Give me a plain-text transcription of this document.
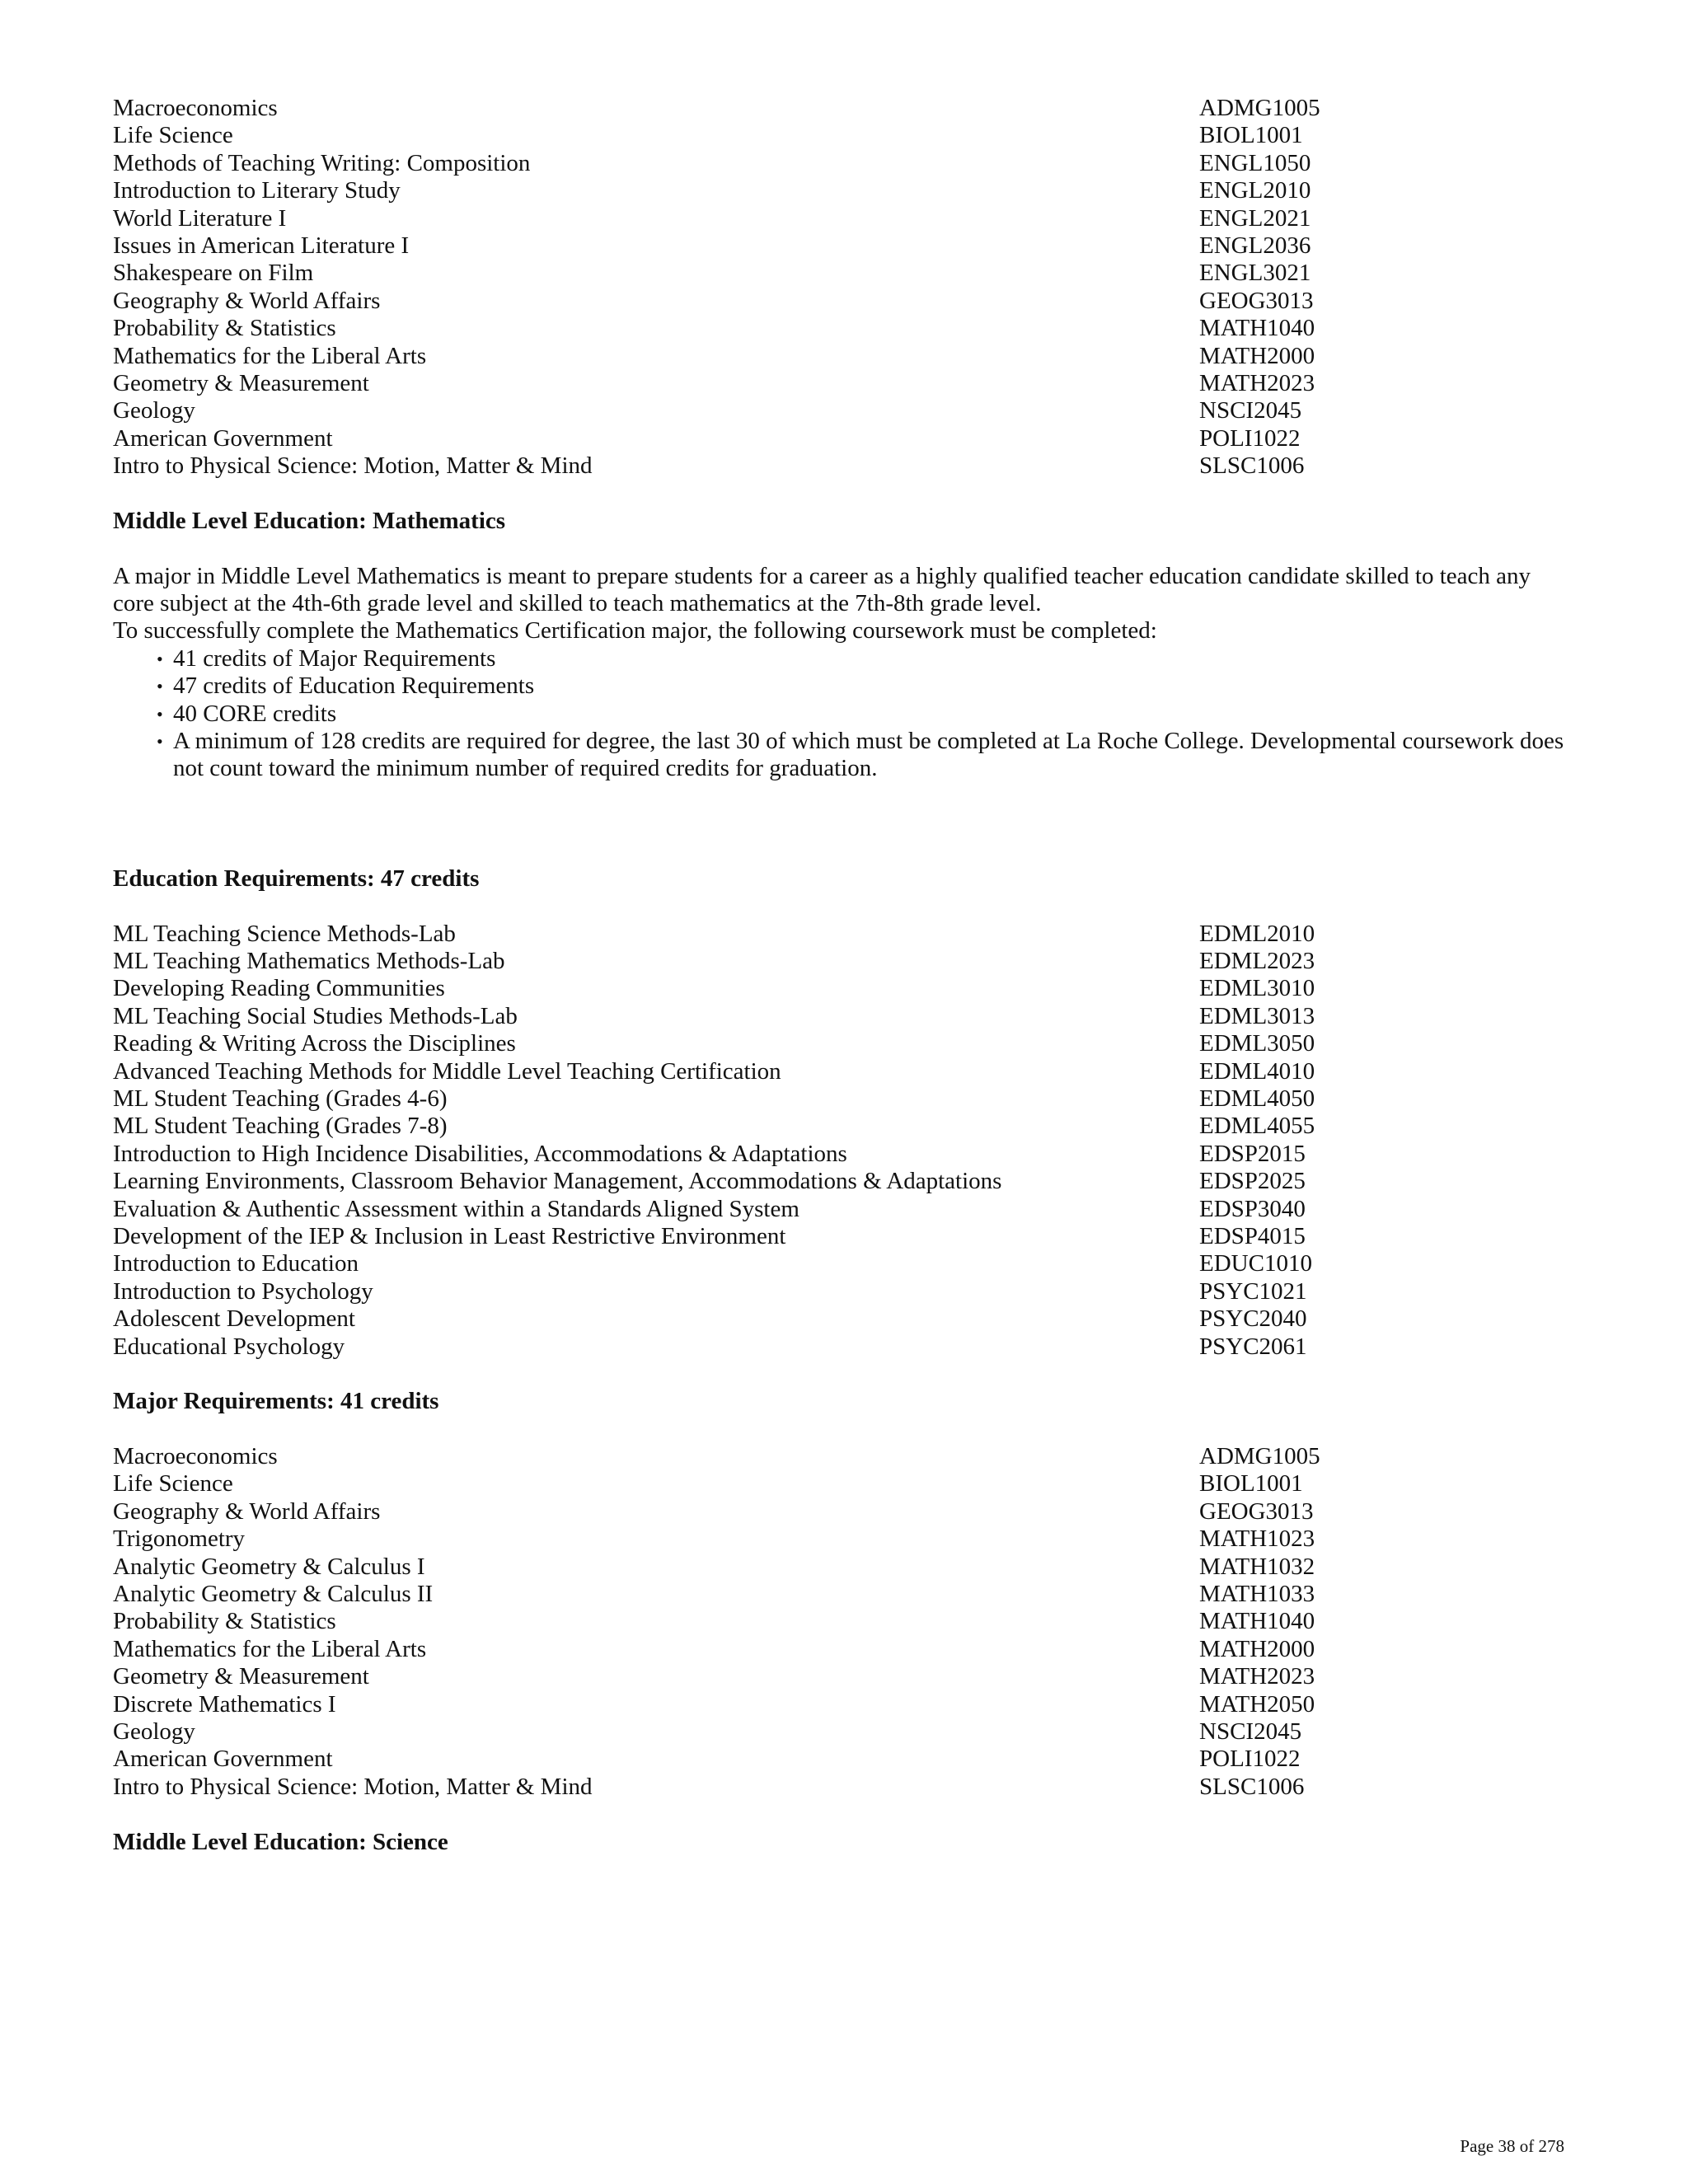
Macroeconomics	ADMG1005
Life Science	BIOL1001
Methods of Teaching Writing: Composition	ENGL1050
Introduction to Literary Study	ENGL2010
World Literature I	ENGL2021
Issues in American Literature I	ENGL2036
Shakespeare on Film	ENGL3021
Geography & World Affairs	GEOG3013
Probability & Statistics	MATH1040
Mathematics for the Liberal Arts	MATH2000
Geometry & Measurement	MATH2023
Geology	NSCI2045
American Government	POLI1022
Intro to Physical Science: Motion, Matter & Mind	SLSC1006
Middle Level Education: Mathematics

A major in Middle Level Mathematics is meant to prepare students for a career as a highly qualified teacher education candidate skilled to teach any core subject at the 4th-6th grade level and skilled to teach mathematics at the 7th-8th grade level.

To successfully complete the Mathematics Certification major, the following coursework must be completed:

• 41 credits of Major Requirements
• 47 credits of Education Requirements
• 40 CORE credits
• A minimum of 128 credits are required for degree, the last 30 of which must be completed at La Roche College. Developmental coursework does not count toward the minimum number of required credits for graduation.
Education Requirements: 47 credits
ML Teaching Science Methods-Lab	EDML2010
ML Teaching Mathematics Methods-Lab	EDML2023
Developing Reading Communities	EDML3010
ML Teaching Social Studies Methods-Lab	EDML3013
Reading & Writing Across the Disciplines	EDML3050
Advanced Teaching Methods for Middle Level Teaching Certification	EDML4010
ML Student Teaching (Grades 4-6)	EDML4050
ML Student Teaching (Grades 7-8)	EDML4055
Introduction to High Incidence Disabilities, Accommodations & Adaptations	EDSP2015
Learning Environments, Classroom Behavior Management, Accommodations & Adaptations	EDSP2025
Evaluation & Authentic Assessment within a Standards Aligned System	EDSP3040
Development of the IEP & Inclusion in Least Restrictive Environment	EDSP4015
Introduction to Education	EDUC1010
Introduction to Psychology	PSYC1021
Adolescent Development	PSYC2040
Educational Psychology	PSYC2061
Major Requirements: 41 credits
Macroeconomics	ADMG1005
Life Science	BIOL1001
Geography & World Affairs	GEOG3013
Trigonometry	MATH1023
Analytic Geometry & Calculus I	MATH1032
Analytic Geometry & Calculus II	MATH1033
Probability & Statistics	MATH1040
Mathematics for the Liberal Arts	MATH2000
Geometry & Measurement	MATH2023
Discrete Mathematics I	MATH2050
Geology	NSCI2045
American Government	POLI1022
Intro to Physical Science: Motion, Matter & Mind	SLSC1006
Middle Level Education: Science
Page 38 of 278
